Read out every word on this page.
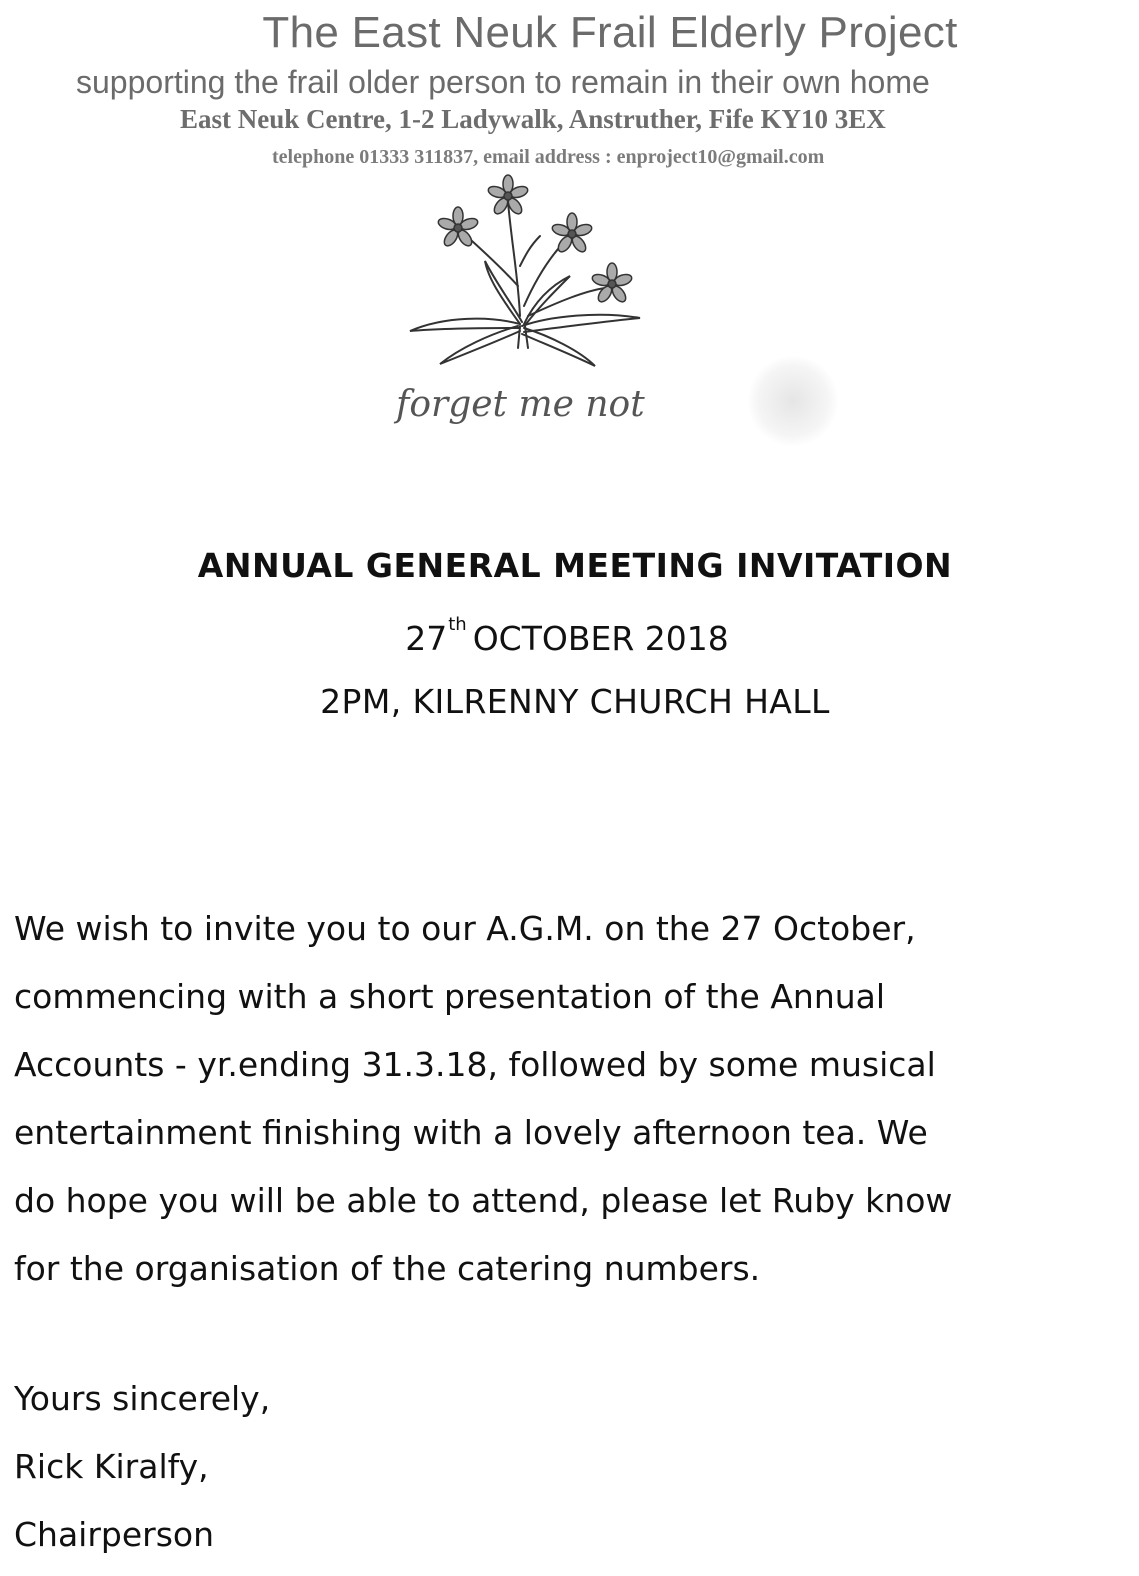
The East Neuk Frail Elderly Project
supporting the frail older person to remain in their own home
East Neuk Centre, 1-2 Ladywalk, Anstruther, Fife KY10 3EX
telephone 01333 311837, email address : enproject10@gmail.com
forget me not
ANNUAL GENERAL MEETING INVITATION
27th OCTOBER 2018
2PM, KILRENNY CHURCH HALL
We wish to invite you to our A.G.M. on the 27 October,
commencing with a short presentation of the Annual
Accounts - yr.ending 31.3.18, followed by some musical
entertainment finishing with a lovely afternoon tea. We
do hope you will be able to attend, please let Ruby know
for the organisation of the catering numbers.
Yours sincerely,
Rick Kiralfy,
Chairperson
